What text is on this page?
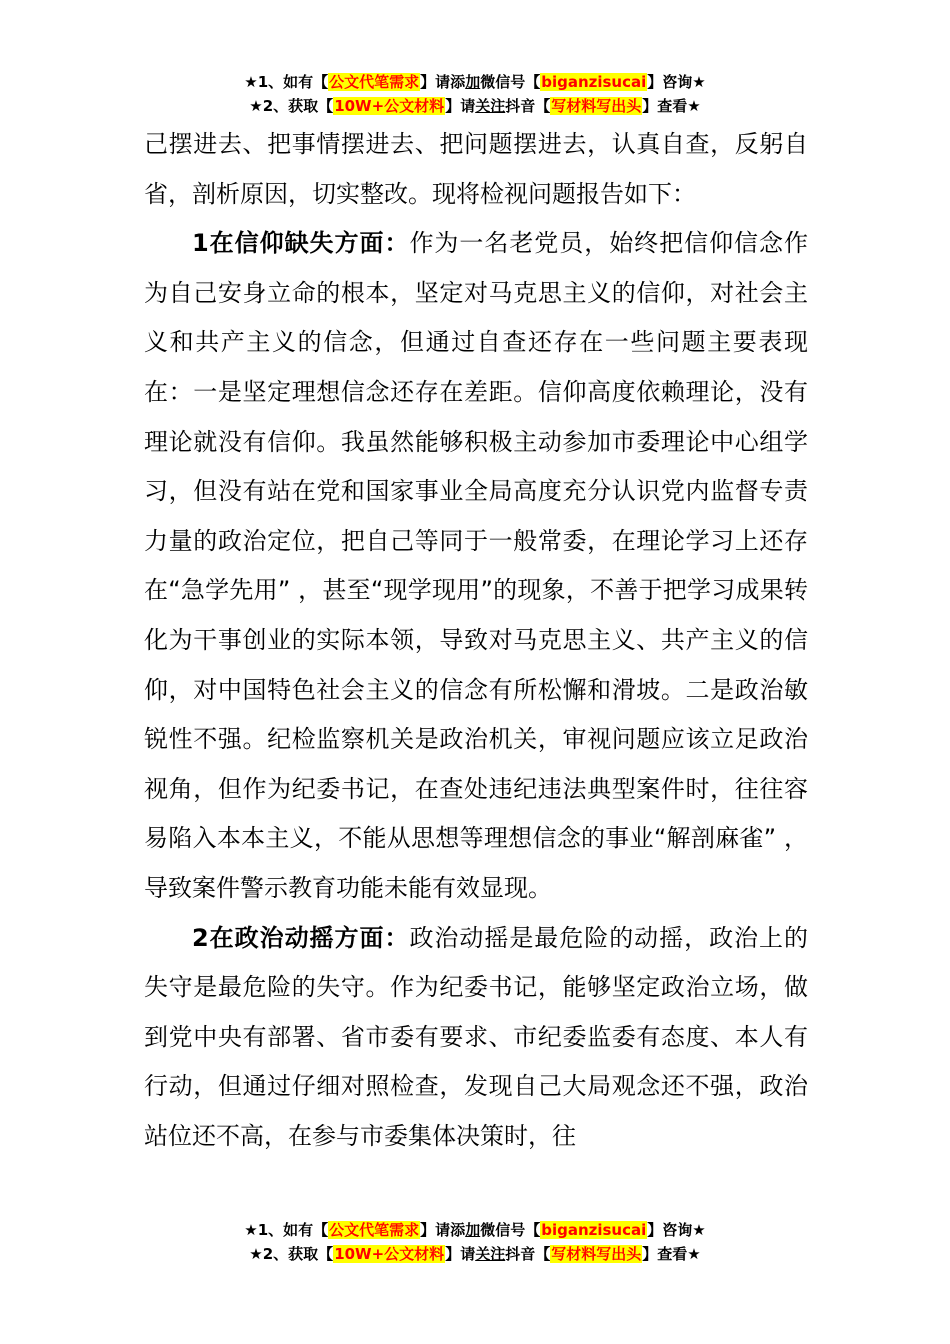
★1、如有【公文代笔需求】请添加微信号【biganzisucai】咨询★
★2、获取【10W+公文材料】请关注抖音【写材料写出头】查看★

己摆进去、把事情摆进去、把问题摆进去，认真自查，反躬自省，剖析原因，切实整改。现将检视问题报告如下：

1在信仰缺失方面：作为一名老党员，始终把信仰信念作为自己安身立命的根本，坚定对马克思主义的信仰，对社会主义和共产主义的信念，但通过自查还存在一些问题主要表现在：一是坚定理想信念还存在差距。信仰高度依赖理论，没有理论就没有信仰。我虽然能够积极主动参加市委理论中心组学习，但没有站在党和国家事业全局高度充分认识党内监督专责力量的政治定位，把自己等同于一般常委，在理论学习上还存在“急学先用” ，甚至“现学现用”的现象，不善于把学习成果转化为干事创业的实际本领，导致对马克思主义、共产主义的信仰，对中国特色社会主义的信念有所松懈和滑坡。二是政治敏锐性不强。纪检监察机关是政治机关，审视问题应该立足政治视角，但作为纪委书记，在查处违纪违法典型案件时，往往容易陷入本本主义，不能从思想等理想信念的事业“解剖麻雀” ，导致案件警示教育功能未能有效显现。

2在政治动摇方面：政治动摇是最危险的动摇，政治上的失守是最危险的失守。作为纪委书记，能够坚定政治立场，做到党中央有部署、省市委有要求、市纪委监委有态度、本人有行动，但通过仔细对照检查，发现自己大局观念还不强，政治站位还不高，在参与市委集体决策时，往

★1、如有【公文代笔需求】请添加微信号【biganzisucai】咨询★
★2、获取【10W+公文材料】请关注抖音【写材料写出头】查看★
